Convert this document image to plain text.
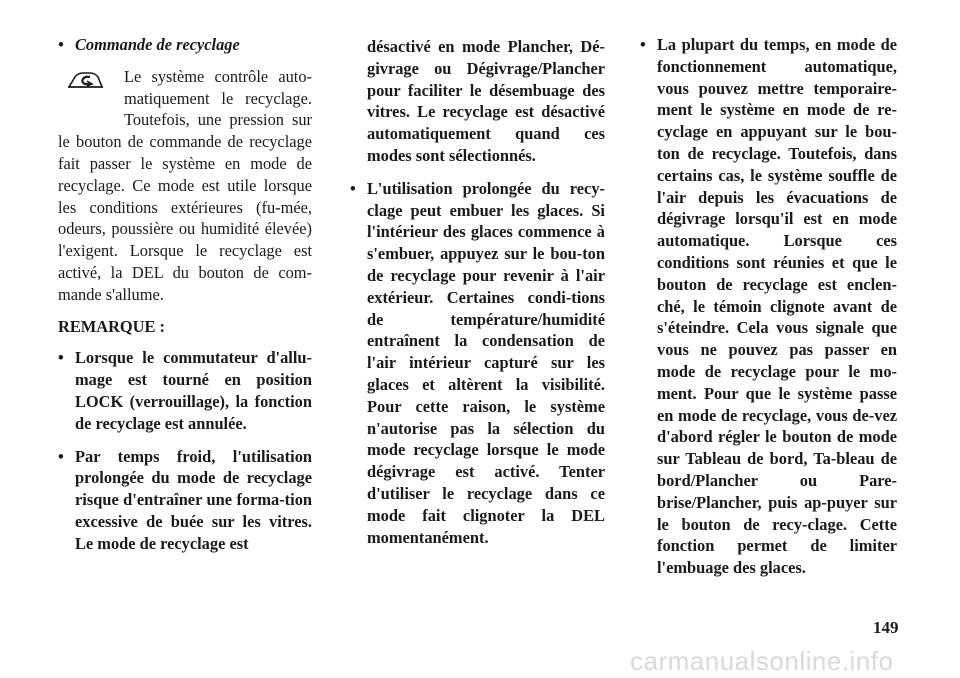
• Commande de recyclage

Le système contrôle auto-matiquement le recyclage. Toutefois, une pression sur le bouton de commande de recyclage fait passer le système en mode de recyclage. Ce mode est utile lorsque les conditions extérieures (fu-mée, odeurs, poussière ou humidité élevée) l'exigent. Lorsque le recyclage est activé, la DEL du bouton de com-mande s'allume.

REMARQUE :

• Lorsque le commutateur d'allu-mage est tourné en position LOCK (verrouillage), la fonction de recyclage est annulée.

• Par temps froid, l'utilisation prolongée du mode de recyclage risque d'entraîner une forma-tion excessive de buée sur les vitres. Le mode de recyclage est

désactivé en mode Plancher, Dé-givrage ou Dégivrage/Plancher pour faciliter le désembuage des vitres. Le recyclage est désactivé automatiquement quand ces modes sont sélectionnés.

• L'utilisation prolongée du recy-clage peut embuer les glaces. Si l'intérieur des glaces commence à s'embuer, appuyez sur le bou-ton de recyclage pour revenir à l'air extérieur. Certaines condi-tions de température/humidité entraînent la condensation de l'air intérieur capturé sur les glaces et altèrent la visibilité. Pour cette raison, le système n'autorise pas la sélection du mode recyclage lorsque le mode dégivrage est activé. Tenter d'utiliser le recyclage dans ce mode fait clignoter la DEL momentanément.

• La plupart du temps, en mode de fonctionnement automatique, vous pouvez mettre temporaire-ment le système en mode de re-cyclage en appuyant sur le bou-ton de recyclage. Toutefois, dans certains cas, le système souffle de l'air depuis les évacuations de dégivrage lorsqu'il est en mode automatique. Lorsque ces conditions sont réunies et que le bouton de recyclage est enclen-ché, le témoin clignote avant de s'éteindre. Cela vous signale que vous ne pouvez pas passer en mode de recyclage pour le mo-ment. Pour que le système passe en mode de recyclage, vous de-vez d'abord régler le bouton de mode sur Tableau de bord, Ta-bleau de bord/Plancher ou Pare-brise/Plancher, puis ap-puyer sur le bouton de recy-clage. Cette fonction permet de limiter l'embuage des glaces.

149
carmanualsonline.info
